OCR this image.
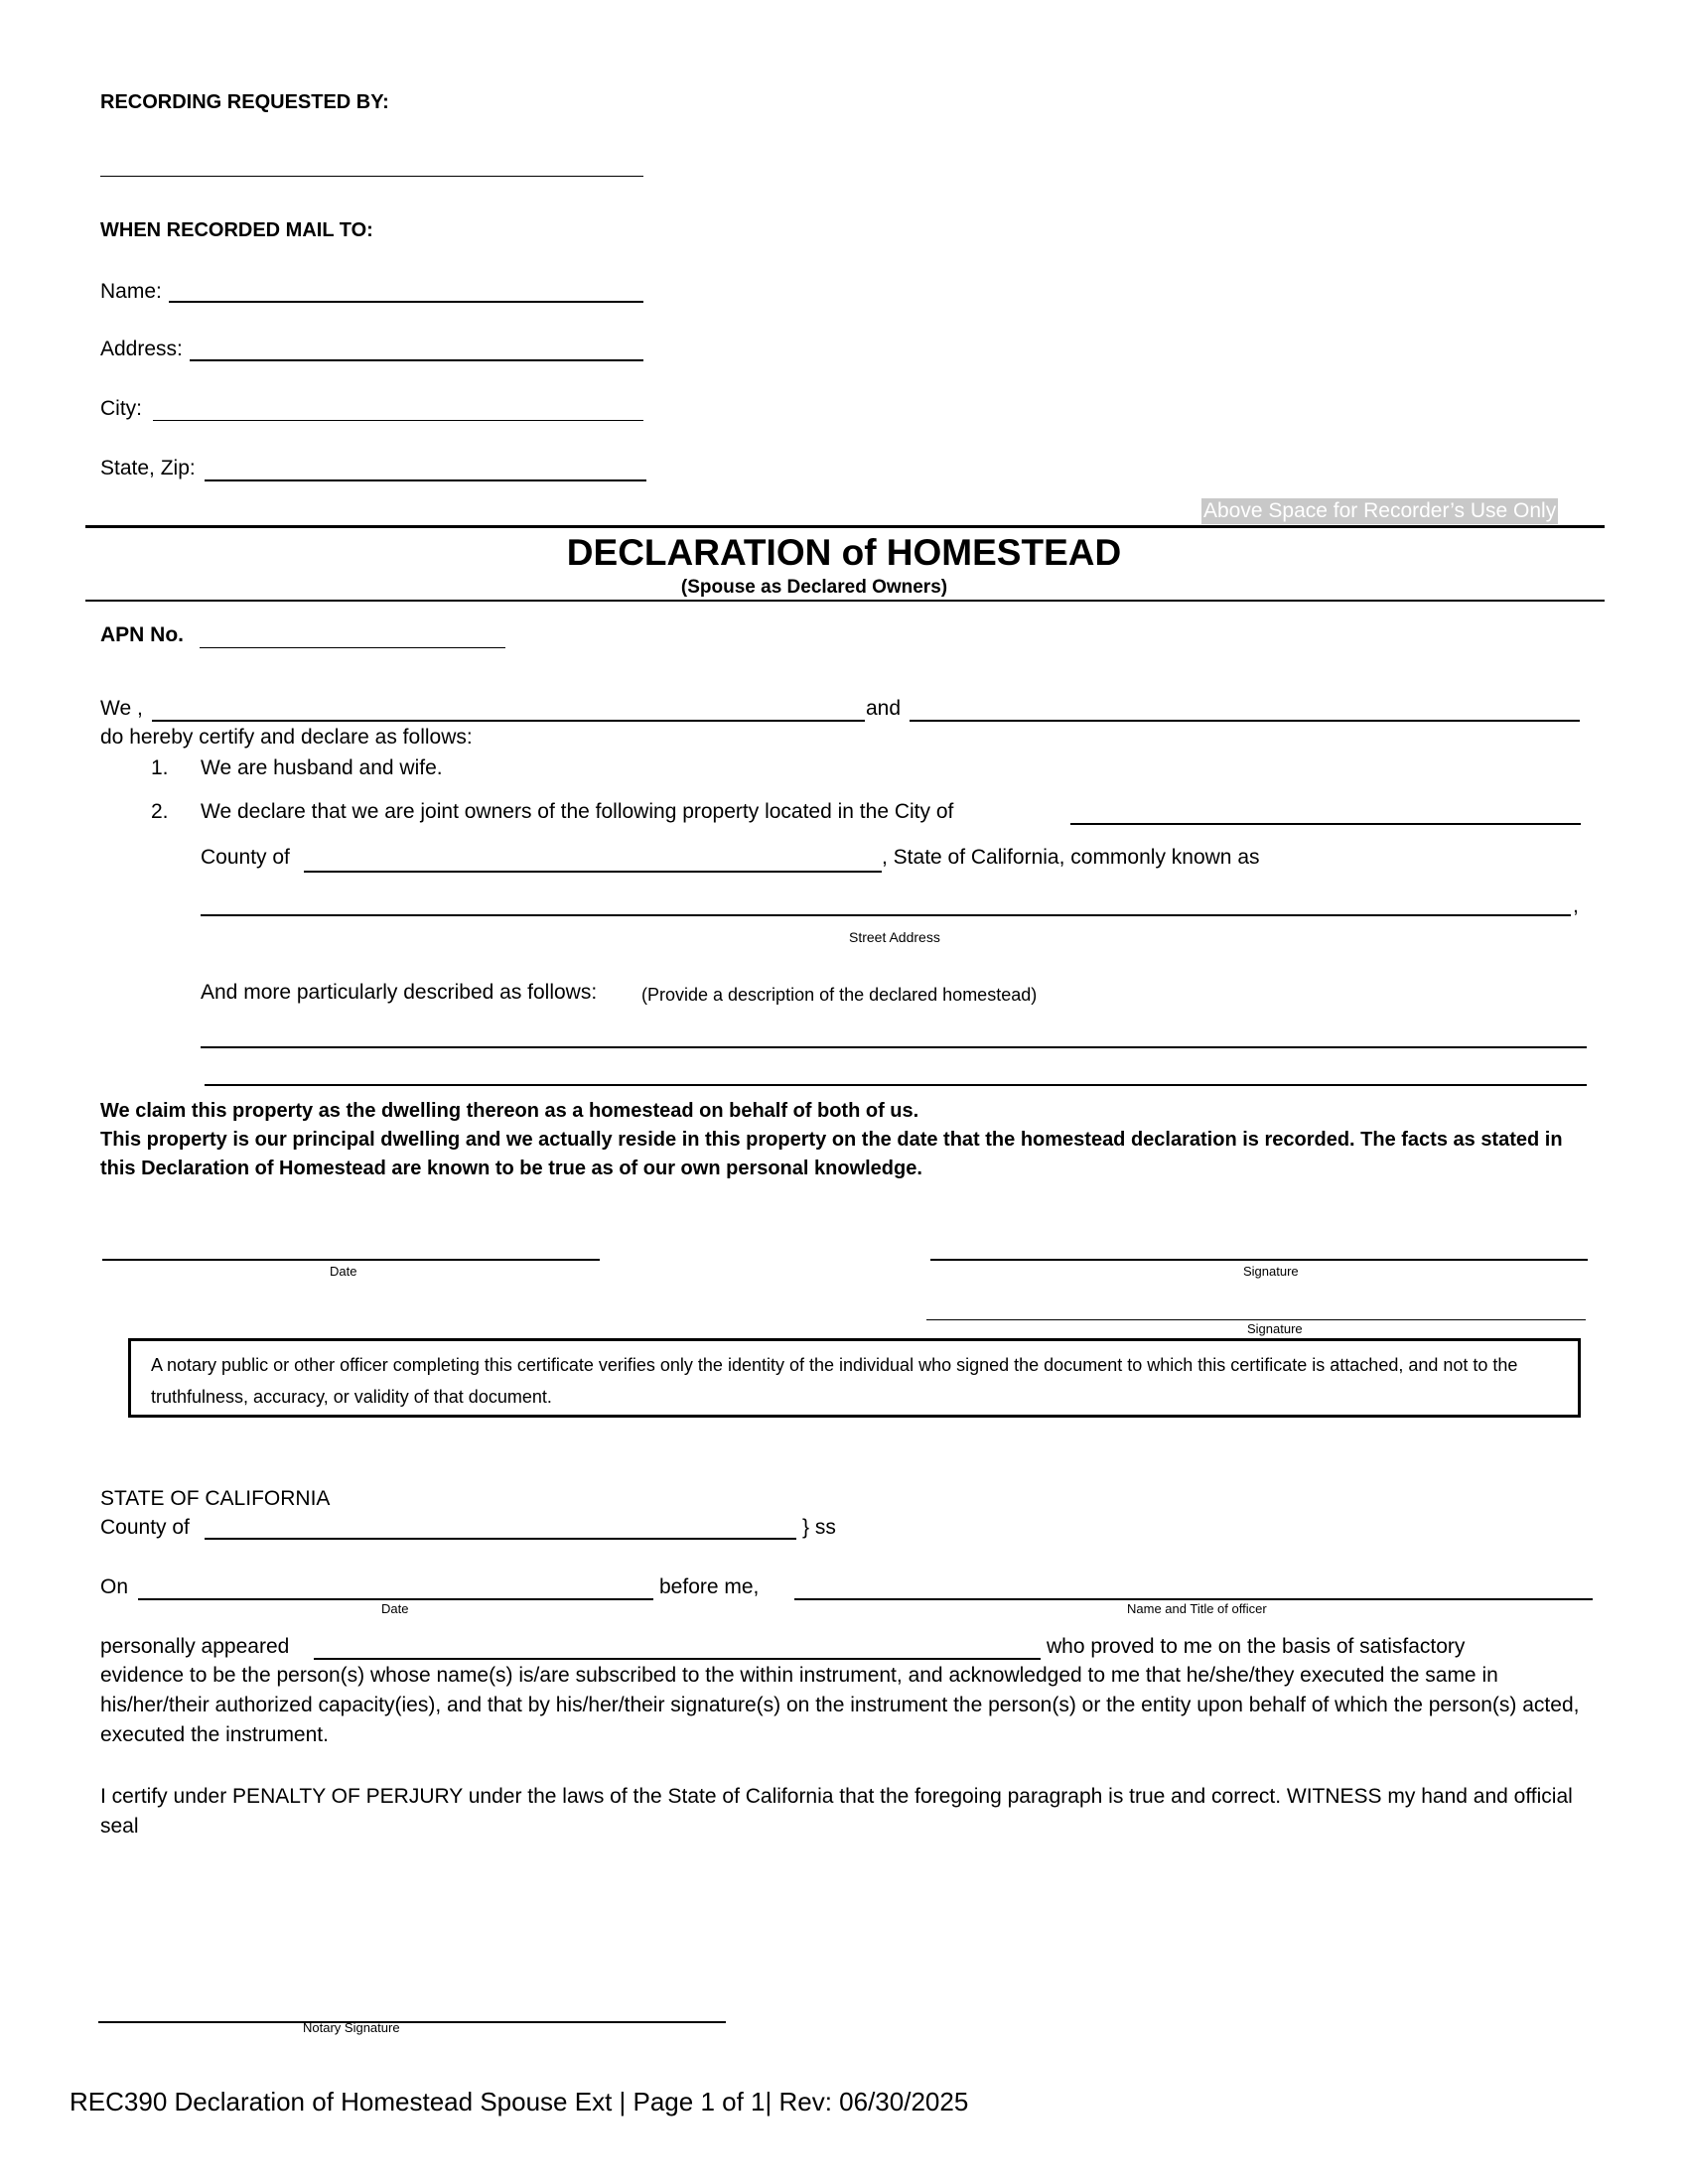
RECORDING REQUESTED BY:
WHEN RECORDED MAIL TO:
Name:
Address:
City:
State, Zip:
Above Space for Recorder’s Use Only
DECLARATION of HOMESTEAD
(Spouse as Declared Owners)
APN No.
We ,	and
do hereby certify and declare as follows:
1. We are husband and wife.
2. We declare that we are joint owners of the following property located in the City of
County of	, State of California, commonly known as
,
Street Address
And more particularly described as follows: (Provide a description of the declared homestead)
We claim this property as the dwelling thereon as a homestead on behalf of both of us.
This property is our principal dwelling and we actually reside in this property on the date that the homestead declaration is recorded. The facts as stated in this Declaration of Homestead are known to be true as of our own personal knowledge.
Date	Signature
Signature
A notary public or other officer completing this certificate verifies only the identity of the individual who signed the document to which this certificate is attached, and not to the truthfulness, accuracy, or validity of that document.
STATE OF CALIFORNIA
County of	} ss
On
Date
before me,
Name and Title of officer
personally appeared	who proved to me on the basis of satisfactory
evidence to be the person(s) whose name(s) is/are subscribed to the within instrument, and acknowledged to me that he/she/they executed the same in his/her/their authorized capacity(ies), and that by his/her/their signature(s) on the instrument the person(s) or the entity upon behalf of which the person(s) acted, executed the instrument.
I certify under PENALTY OF PERJURY under the laws of the State of California that the foregoing paragraph is true and correct. WITNESS my hand and official seal
Notary Signature
REC390 Declaration of Homestead Spouse Ext | Page 1 of 1| Rev: 06/30/2025
